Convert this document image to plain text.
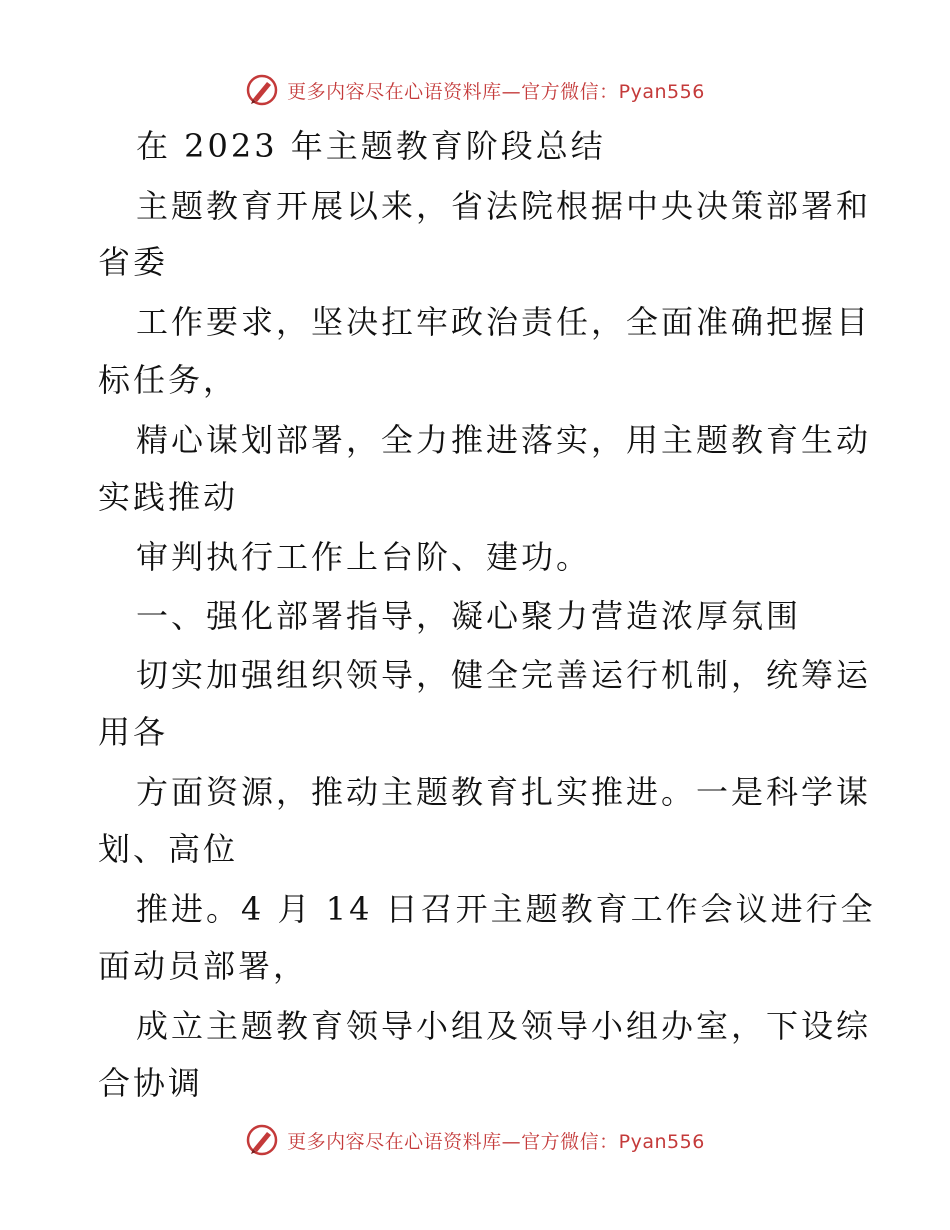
更多内容尽在心语资料库—官方微信：Pyan556
在 2023 年主题教育阶段总结
主题教育开展以来，省法院根据中央决策部署和
省委
工作要求，坚决扛牢政治责任，全面准确把握目
标任务，
精心谋划部署，全力推进落实，用主题教育生动
实践推动
审判执行工作上台阶、建功。
一、强化部署指导，凝心聚力营造浓厚氛围
切实加强组织领导，健全完善运行机制，统筹运
用各
方面资源，推动主题教育扎实推进。一是科学谋
划、高位
推进。4 月 14 日召开主题教育工作会议进行全
面动员部署，
成立主题教育领导小组及领导小组办室，下设综
合协调
更多内容尽在心语资料库—官方微信：Pyan556
